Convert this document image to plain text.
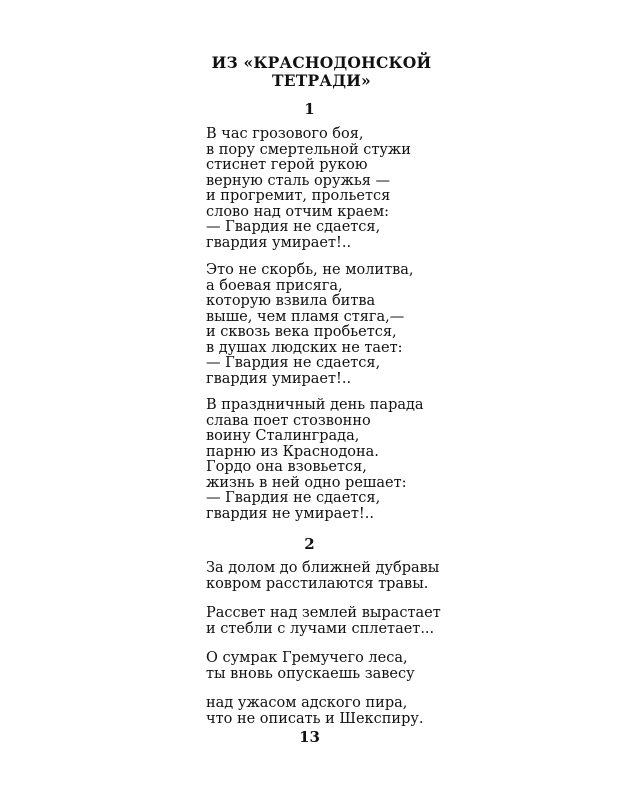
ИЗ «КРАСНОДОНСКОЙ
ТЕТРАДИ»
1
В час грозового боя,
в пору смертельной стужи
стиснет герой рукою
верную сталь оружья —
и прогремит, прольется
слово над отчим краем:
— Гвардия не сдается,
гвардия умирает!..
Это не скорбь, не молитва,
а боевая присяга,
которую взвила битва
выше, чем пламя стяга,—
и сквозь века пробьется,
в душах людских не тает:
— Гвардия не сдается,
гвардия умирает!..
В праздничный день парада
слава поет стозвонно
воину Сталинграда,
парню из Краснодона.
Гордо она взовьется,
жизнь в ней одно решает:
— Гвардия не сдается,
гвардия не умирает!..
2
За долом до ближней дубравы
ковром расстилаются травы.
Рассвет над землей вырастает
и стебли с лучами сплетает...
О сумрак Гремучего леса,
ты вновь опускаешь завесу
над ужасом адского пира,
что не описать и Шекспиру.
13
